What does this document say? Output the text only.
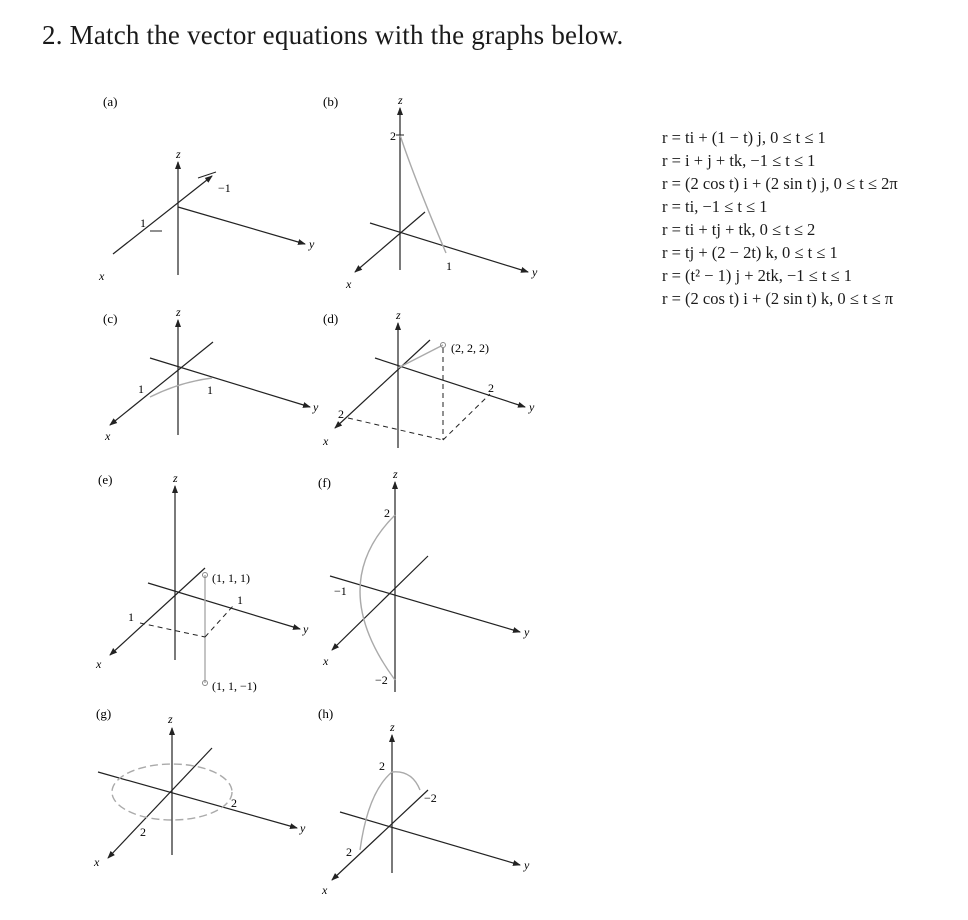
2. Match the vector equations with the graphs below.
(a)
z
y
x
1
−1
(b)	z
y
x
2
1
(c)	z
y
x
1	1
(d)	z
y
x
(2, 2, 2)
2
2
(e)	z
y
x
(1, 1, 1)
1
1
(1, 1, −1)
(f)
z
y
x
2
−1
−2
(g)	z
y
x
2
2
(h)
z
y
x
2
−2
2
r = ti + (1 − t) j, 0 ≤ t ≤ 1
r = i + j + tk, −1 ≤ t ≤ 1
r = (2 cos t) i + (2 sin t) j, 0 ≤ t ≤ 2π
r = ti, −1 ≤ t ≤ 1
r = ti + tj + tk, 0 ≤ t ≤ 2
r = tj + (2 − 2t) k, 0 ≤ t ≤ 1
r = (t² − 1) j + 2tk, −1 ≤ t ≤ 1
r = (2 cos t) i + (2 sin t) k, 0 ≤ t ≤ π
